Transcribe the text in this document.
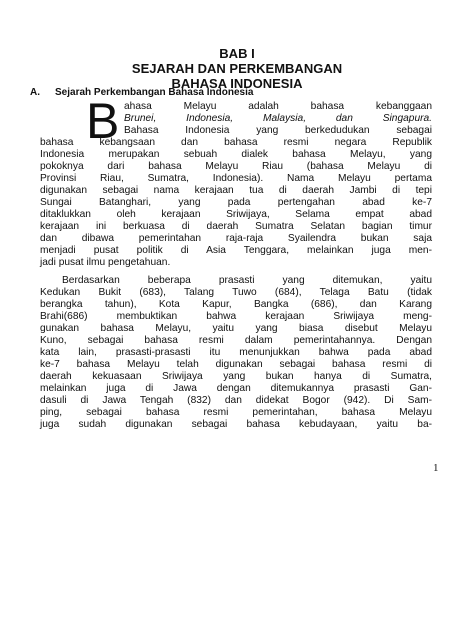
BAB I

SEJARAH DAN PERKEMBANGAN

BAHASA INDONESIA

A. Sejarah Perkembangan Bahasa Indonesia

B ahasa Melayu adalah bahasa kebanggaan

Brunei, Indonesia, Malaysia, dan Singapura.

Bahasa Indonesia yang berkedudukan sebagai

bahasa kebangsaan dan bahasa resmi negara Republik

Indonesia merupakan sebuah dialek bahasa Melayu, yang

pokoknya dari bahasa Melayu Riau (bahasa Melayu di

Provinsi Riau, Sumatra, Indonesia). Nama Melayu pertama

digunakan sebagai nama kerajaan tua di daerah Jambi di tepi

Sungai Batanghari, yang pada pertengahan abad ke-7

ditaklukkan oleh kerajaan Sriwijaya, Selama empat abad

kerajaan ini berkuasa di daerah Sumatra Selatan bagian timur

dan dibawa pemerintahan raja-raja Syailendra bukan saja

menjadi pusat politik di Asia Tenggara, melainkan juga men-

jadi pusat ilmu pengetahuan.

Berdasarkan beberapa prasasti yang ditemukan, yaitu

Kedukan Bukit (683), Talang Tuwo (684), Telaga Batu (tidak

berangka tahun), Kota Kapur, Bangka (686), dan Karang

Brahi(686) membuktikan bahwa kerajaan Sriwijaya meng-

gunakan bahasa Melayu, yaitu yang biasa disebut Melayu

Kuno, sebagai bahasa resmi dalam pemerintahannya. Dengan

kata lain, prasasti-prasasti itu menunjukkan bahwa pada abad

ke-7 bahasa Melayu telah digunakan sebagai bahasa resmi di

daerah kekuasaan Sriwijaya yang bukan hanya di Sumatra,

melainkan juga di Jawa dengan ditemukannya prasasti Gan-

dasuli di Jawa Tengah (832) dan didekat Bogor (942). Di Sam-

ping, sebagai bahasa resmi pemerintahan, bahasa Melayu

juga sudah digunakan sebagai bahasa kebudayaan, yaitu ba-

1
